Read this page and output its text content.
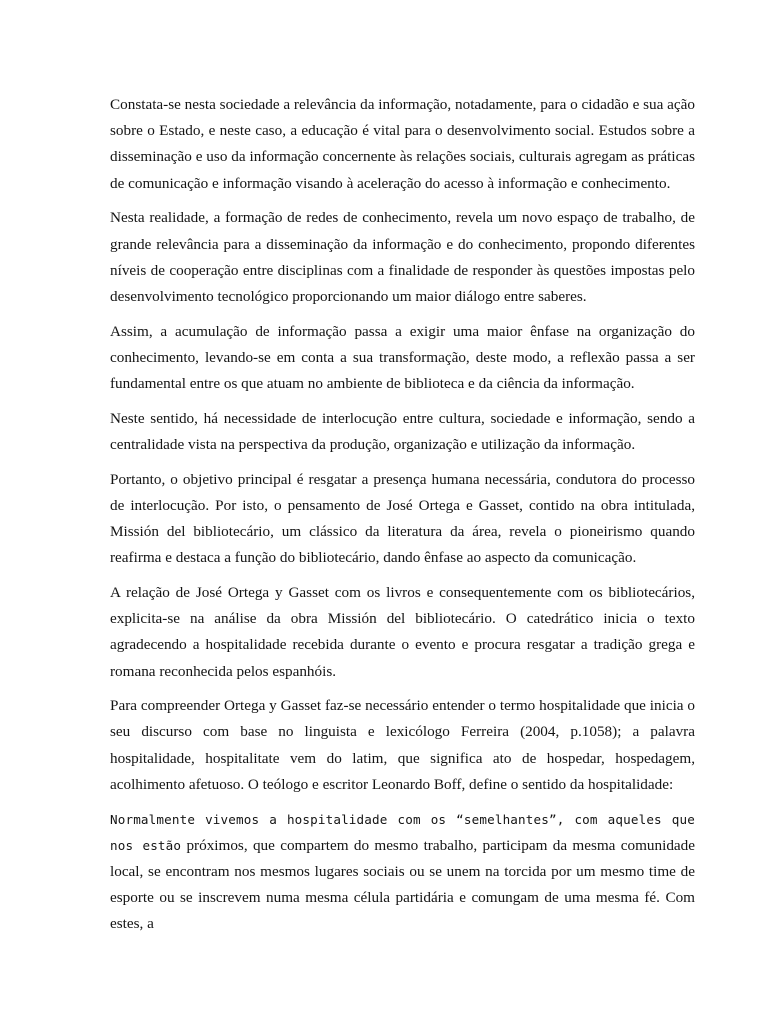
Constata-se nesta sociedade a relevância da informação, notadamente, para o cidadão e sua ação sobre o Estado, e neste caso, a educação é vital para o desenvolvimento social. Estudos sobre a disseminação e uso da informação concernente às relações sociais, culturais agregam as práticas de comunicação e informação visando à aceleração do acesso à informação e conhecimento.

Nesta realidade, a formação de redes de conhecimento, revela um novo espaço de trabalho, de grande relevância para a disseminação da informação e do conhecimento, propondo diferentes níveis de cooperação entre disciplinas com a finalidade de responder às questões impostas pelo desenvolvimento tecnológico proporcionando um maior diálogo entre saberes.

Assim, a acumulação de informação passa a exigir uma maior ênfase na organização do conhecimento, levando-se em conta a sua transformação, deste modo, a reflexão passa a ser fundamental entre os que atuam no ambiente de biblioteca e da ciência da informação.

Neste sentido, há necessidade de interlocução entre cultura, sociedade e informação, sendo a centralidade vista na perspectiva da produção, organização e utilização da informação.

Portanto, o objetivo principal é resgatar a presença humana necessária, condutora do processo de interlocução. Por isto, o pensamento de José Ortega e Gasset, contido na obra intitulada, Missión del bibliotecário, um clássico da literatura da área, revela o pioneirismo quando reafirma e destaca a função do bibliotecário, dando ênfase ao aspecto da comunicação.

A relação de José Ortega y Gasset com os livros e consequentemente com os bibliotecários, explicita-se na análise da obra Missión del bibliotecário. O catedrático inicia o texto agradecendo a hospitalidade recebida durante o evento e procura resgatar a tradição grega e romana reconhecida pelos espanhóis.

Para compreender Ortega y Gasset faz-se necessário entender o termo hospitalidade que inicia o seu discurso com base no linguista e lexicólogo Ferreira (2004, p.1058); a palavra hospitalidade, hospitalitate vem do latim, que significa ato de hospedar, hospedagem, acolhimento afetuoso. O teólogo e escritor Leonardo Boff, define o sentido da hospitalidade:

Normalmente vivemos a hospitalidade com os “semelhantes”, com aqueles que nos estão próximos, que compartem do mesmo trabalho, participam da mesma comunidade local, se encontram nos mesmos lugares sociais ou se unem na torcida por um mesmo time de esporte ou se inscrevem numa mesma célula partidária e comungam de uma mesma fé. Com estes, a
